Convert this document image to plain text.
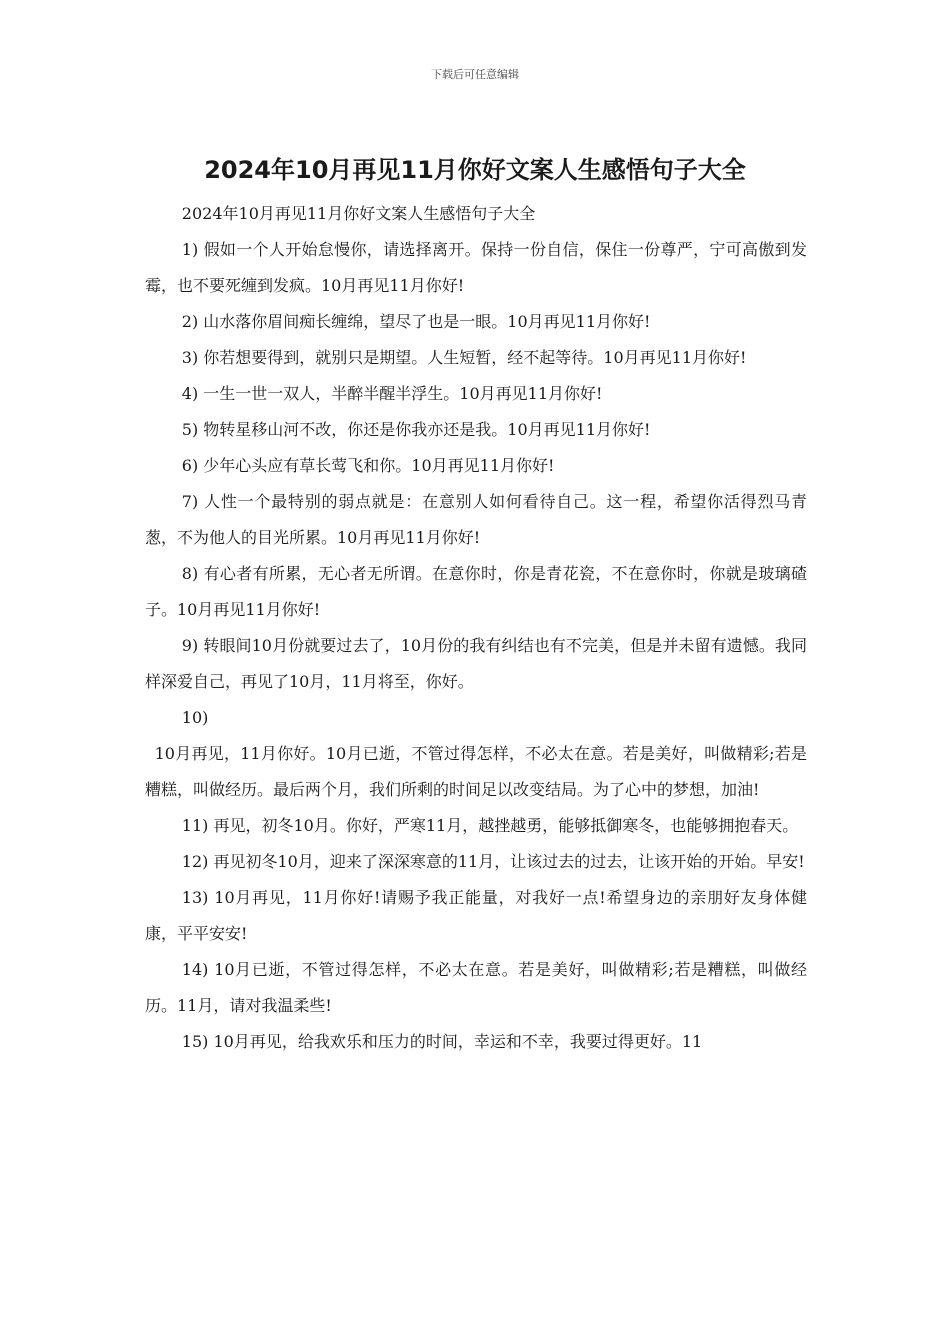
下载后可任意编辑
2024年10月再见11月你好文案人生感悟句子大全

2024年10月再见11月你好文案人生感悟句子大全

1) 假如一个人开始怠慢你，请选择离开。保持一份自信，保住一份尊严，宁可高傲到发霉，也不要死缠到发疯。10月再见11月你好!

2) 山水落你眉间痴长缠绵，望尽了也是一眼。10月再见11月你好!

3) 你若想要得到，就别只是期望。人生短暂，经不起等待。10月再见11月你好!

4) 一生一世一双人，半醉半醒半浮生。10月再见11月你好!

5) 物转星移山河不改，你还是你我亦还是我。10月再见11月你好!

6) 少年心头应有草长莺飞和你。10月再见11月你好!

7) 人性一个最特别的弱点就是：在意别人如何看待自己。这一程，希望你活得烈马青葱，不为他人的目光所累。10月再见11月你好!

8) 有心者有所累，无心者无所谓。在意你时，你是青花瓷，不在意你时，你就是玻璃碴子。10月再见11月你好!

9) 转眼间10月份就要过去了，10月份的我有纠结也有不完美，但是并未留有遗憾。我同样深爱自己，再见了10月，11月将至，你好。

10)

10月再见，11月你好。10月已逝，不管过得怎样，不必太在意。若是美好，叫做精彩;若是糟糕，叫做经历。最后两个月，我们所剩的时间足以改变结局。为了心中的梦想，加油!

11) 再见，初冬10月。你好，严寒11月，越挫越勇，能够抵御寒冬，也能够拥抱春天。

12) 再见初冬10月，迎来了深深寒意的11月，让该过去的过去，让该开始的开始。早安!

13) 10月再见，11月你好!请赐予我正能量，对我好一点!希望身边的亲朋好友身体健康，平平安安!

14) 10月已逝，不管过得怎样，不必太在意。若是美好，叫做精彩;若是糟糕，叫做经历。11月，请对我温柔些!

15) 10月再见，给我欢乐和压力的时间，幸运和不幸，我要过得更好。11
